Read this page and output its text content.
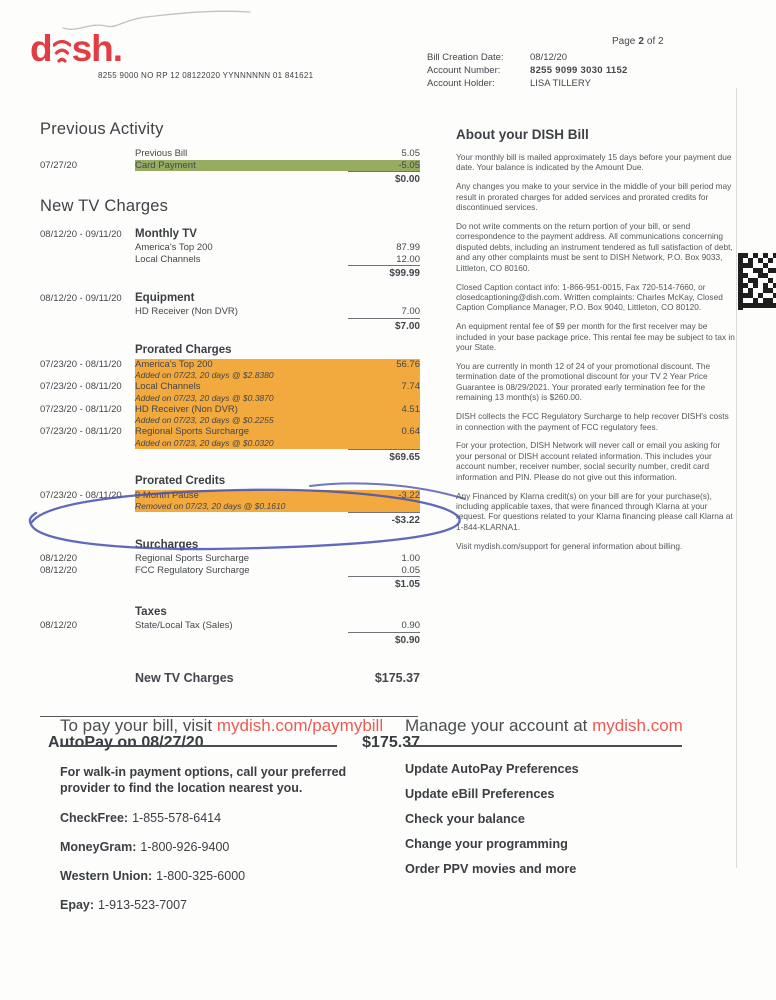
d sh.
8255 9000 NO RP 12 08122020 YYNNNNNN 01 841621
Page 2 of 2
Bill Creation Date:	08/12/20
Account Number:	8255 9099 3030 1152
Account Holder:	LISA TILLERY
Previous Activity
Previous Bill	5.05
07/27/20	Card Payment	-5.05
$0.00
New TV Charges
08/12/20 - 09/11/20	Monthly TV
America's Top 200	87.99
Local Channels	12.00
$99.99
08/12/20 - 09/11/20	Equipment
HD Receiver (Non DVR)	7.00
$7.00
Prorated Charges
07/23/20 - 08/11/20	America's Top 200	56.76
Added on 07/23, 20 days @ $2.8380
07/23/20 - 08/11/20	Local Channels	7.74
Added on 07/23, 20 days @ $0.3870
07/23/20 - 08/11/20	HD Receiver (Non DVR)	4.51
Added on 07/23, 20 days @ $0.2255
07/23/20 - 08/11/20	Regional Sports Surcharge	0.64
Added on 07/23, 20 days @ $0.0320
$69.65
Prorated Credits
07/23/20 - 08/11/20	9 Month Pause	-3.22
Removed on 07/23, 20 days @ $0.1610
-$3.22
Surcharges
08/12/20	Regional Sports Surcharge	1.00
08/12/20	FCC Regulatory Surcharge	0.05
$1.05
Taxes
08/12/20	State/Local Tax (Sales)	0.90
$0.90
New TV Charges	$175.37
AutoPay on 08/27/20	$175.37
About your DISH Bill

Your monthly bill is mailed approximately 15 days before your payment due date. Your balance is indicated by the Amount Due.

Any changes you make to your service in the middle of your bill period may result in prorated charges for added services and prorated credits for discontinued services.

Do not write comments on the return portion of your bill, or send correspondence to the payment address. All communications concerning disputed debts, including an instrument tendered as full satisfaction of debt, and any other complaints must be sent to DISH Network, P.O. Box 9033, Littleton, CO 80160.

Closed Caption contact info: 1-866-951-0015, Fax 720-514-7660, or closedcaptioning@dish.com. Written complaints: Charles McKay, Closed Caption Compliance Manager, P.O. Box 9040, Littleton, CO 80120.

An equipment rental fee of $9 per month for the first receiver may be included in your base package price. This rental fee may be subject to tax in your State.

You are currently in month 12 of 24 of your promotional discount. The termination date of the promotional discount for your TV 2 Year Price Guarantee is 08/29/2021. Your prorated early termination fee for the remaining 13 month(s) is $260.00.

DISH collects the FCC Regulatory Surcharge to help recover DISH's costs in connection with the payment of FCC regulatory fees.

For your protection, DISH Network will never call or email you asking for your personal or DISH account related information. This includes your account number, receiver number, social security number, credit card information and PIN. Please do not give out this information.

Any Financed by Klarna credit(s) on your bill are for your purchase(s), including applicable taxes, that were financed through Klarna at your request. For questions related to your Klarna financing please call Klarna at 1-844-KLARNA1.

Visit mydish.com/support for general information about billing.

To pay your bill, visit mydish.com/paymybill
For walk-in payment options, call your preferred provider to find the location nearest you.
CheckFree: 1-855-578-6414
MoneyGram: 1-800-926-9400
Western Union: 1-800-325-6000
Epay: 1-913-523-7007
Manage your account at mydish.com
Update AutoPay Preferences
Update eBill Preferences
Check your balance
Change your programming
Order PPV movies and more
